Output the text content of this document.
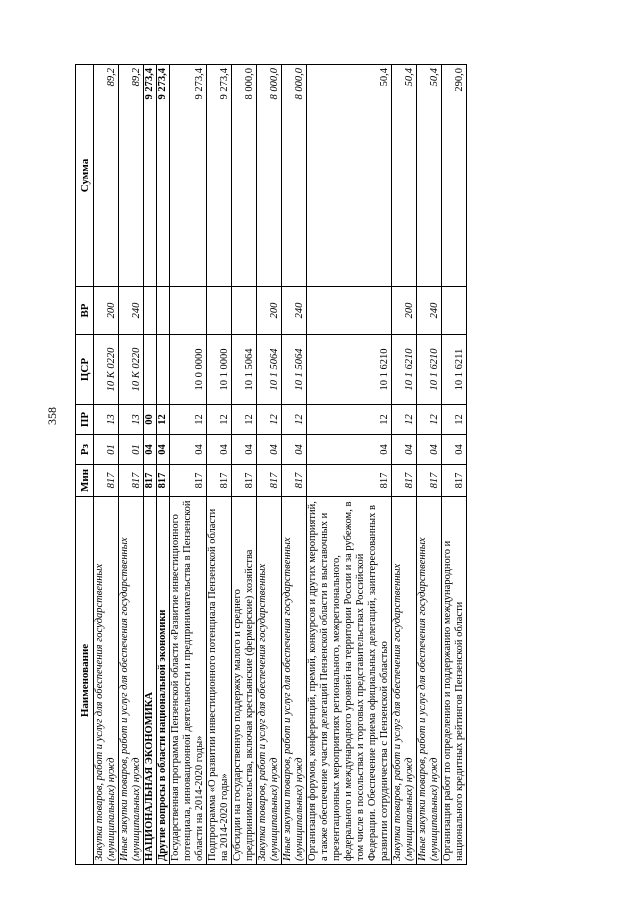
358
Наименование	Мин	Рз	ПР	ЦСР	ВР	Сумма
Закупка товаров, работ и услуг для обеспечения государственных (муниципальных) нужд	817	01	13	10 К 0220	200	89,2
Иные закупки товаров, работ и услуг для обеспечения государственных (муниципальных) нужд	817	01	13	10 К 0220	240	89,2
НАЦИОНАЛЬНАЯ ЭКОНОМИКА	817	04	00			9 273,4
Другие вопросы в области национальной экономики	817	04	12			9 273,4
Государственная программа Пензенской области «Развитие инвестиционного потенциала, инновационной деятельности и предпринимательства в Пензенской области на 2014-2020 годы»	817	04	12	10 0 0000		9 273,4
Подпрограмма «О развитии инвестиционного потенциала Пензенской области на 2014-2020 годы»	817	04	12	10 1 0000		9 273,4
Субсидии на государственную поддержку малого и среднего предпринимательства, включая крестьянские (фермерские) хозяйства	817	04	12	10 1 5064		8 000,0
Закупка товаров, работ и услуг для обеспечения государственных (муниципальных) нужд	817	04	12	10 1 5064	200	8 000,0
Иные закупки товаров, работ и услуг для обеспечения государственных (муниципальных) нужд	817	04	12	10 1 5064	240	8 000,0
Организация форумов, конференций, премий, конкурсов и других мероприятий, а также обеспечение участия делегаций Пензенской области в выставочных и презентационных мероприятиях регионального, межрегионального, федерального и международного уровней на территории России и за рубежом, в том числе в посольствах и торговых представительствах Российской Федерации. Обеспечение приема официальных делегаций, заинтересованных в развитии сотрудничества с Пензенской областью	817	04	12	10 1 6210		50,4
Закупка товаров, работ и услуг для обеспечения государственных (муниципальных) нужд	817	04	12	10 1 6210	200	50,4
Иные закупки товаров, работ и услуг для обеспечения государственных (муниципальных) нужд	817	04	12	10 1 6210	240	50,4
Организация работ по определению и поддержанию международного и национального кредитных рейтингов Пензенской области	817	04	12	10 1 6211		290,0
